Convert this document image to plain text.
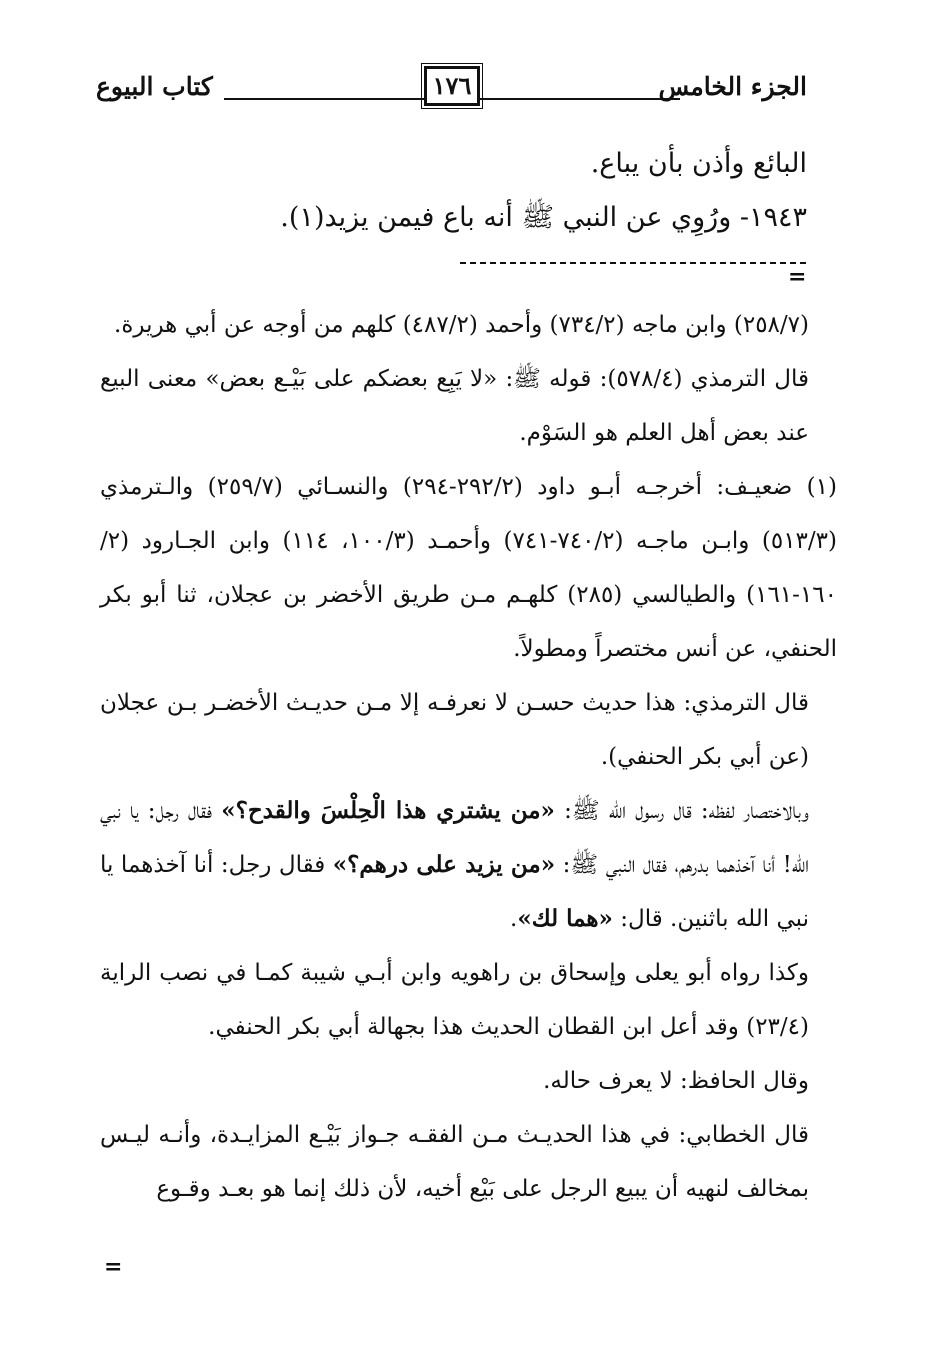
الجزء الخامس
١٧٦
كتاب البيوع
البائع وأذن بأن يباع.
١٩٤٣- ورُوِي عن النبي ﷺ أنه باع فيمن يزيد(١).
=

(٢٥٨/٧) وابن ماجه (٧٣٤/٢) وأحمد (٤٨٧/٢) كلهم من أوجه عن أبي هريرة.

قال الترمذي (٥٧٨/٤): قوله ﷺ: «لا يَبِع بعضكم على بَيْـع بعض» معنى البيع عند بعض أهل العلم هو السَوْم.

(١) ضعيـف: أخرجـه أبـو داود (٢٩٢/٢-٢٩٤) والنسـائي (٢٥٩/٧) والـترمذي (٥١٣/٣) وابـن ماجـه (٧٤٠/٢-٧٤١) وأحمـد (١٠٠/٣، ١١٤) وابن الجـارود (٢/ ١٦٠-١٦١) والطيالسي (٢٨٥) كلهـم مـن طريق الأخضر بن عجلان، ثنا أبو بكر الحنفي، عن أنس مختصراً ومطولاً.

قال الترمذي: هذا حديث حسـن لا نعرفـه إلا مـن حديـث الأخضـر بـن عجلان (عن أبي بكر الحنفي).

وبالاختصار لفظه: قال رسول الله ﷺ: «من يشتري هذا الْحِلْسَ والقدح؟» فقال رجل: يا نبي الله! أنا آخذهما بدرهم، فقال النبي ﷺ: «من يزيد على درهم؟» فقال رجل: أنا آخذهما يا نبي الله باثنين. قال: «هما لك».

وكذا رواه أبو يعلى وإسحاق بن راهويه وابن أبـي شيبة كمـا في نصب الراية (٢٣/٤) وقد أعل ابن القطان الحديث هذا بجهالة أبي بكر الحنفي.

وقال الحافظ: لا يعرف حاله.

قال الخطابي: في هذا الحديـث مـن الفقـه جـواز بَيْـع المزايـدة، وأنـه ليـس بمخالف لنهيه أن يبيع الرجل على بَيْع أخيه، لأن ذلك إنما هو بعـد وقـوع

=
